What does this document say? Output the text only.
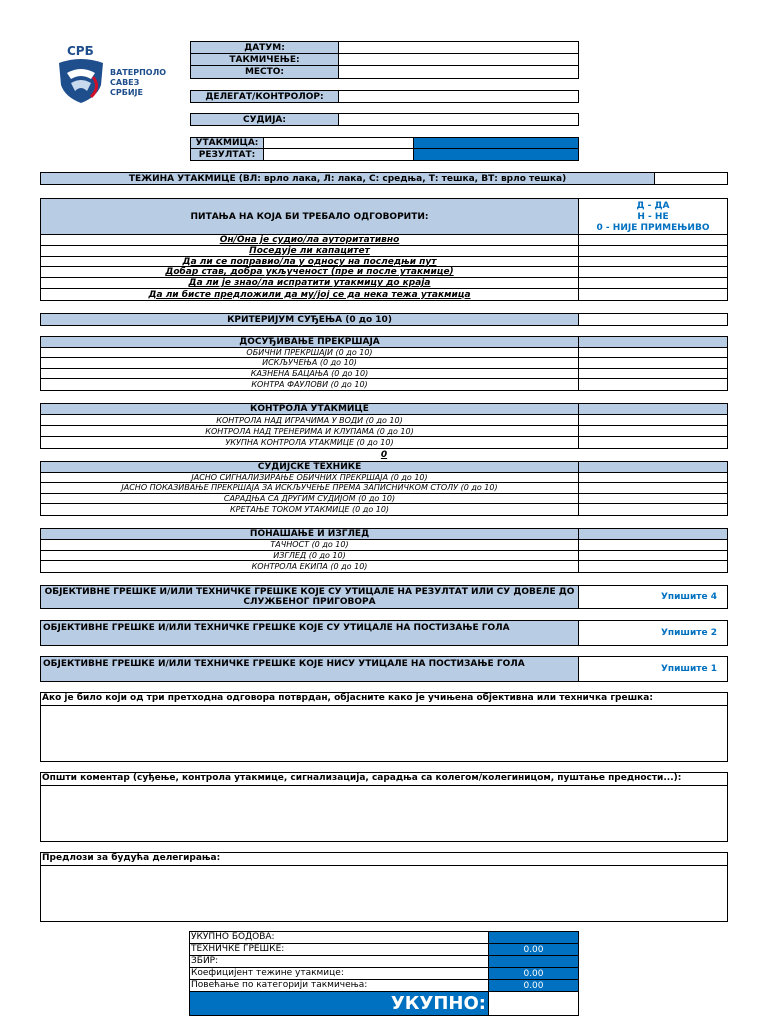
СРБ
ВАТЕРПОЛО
САВЕЗ
СРБИЈЕ
ДАТУМ:
ТАКМИЧЕЊЕ:
МЕСТО:
ДЕЛЕГАТ/КОНТРОЛОР:
СУДИЈА:
УТАКМИЦА:
РЕЗУЛТАТ:
ТЕЖИНА УТАКМИЦЕ (ВЛ: врло лака, Л: лака, С: средња, Т: тешка, ВТ: врло тешка)
ПИТАЊА НА КОЈА БИ ТРЕБАЛО ОДГОВОРИТИ:
Д - ДА
Н - НЕ
0 - НИЈЕ ПРИМЕЊИВО
Он/Она је судио/ла ауторитативно
Поседује ли капацитет
Да ли се поправио/ла у односу на последњи пут
Добар став, добра укљученост (пре и после утакмице)
Да ли је знао/ла испратити утакмицу до краја
Да ли бисте предложили да му/јој се да нека тежа утакмица
КРИТЕРИЈУМ СУЂЕЊА (0 до 10)
ДОСУЂИВАЊЕ ПРЕКРШАЈА
ОБИЧНИ ПРЕКРШАЈИ (0 до 10)
ИСКЉУЧЕЊА (0 до 10)
КАЗНЕНА БАЦАЊА (0 до 10)
КОНТРА ФАУЛОВИ (0 до 10)
КОНТРОЛА УТАКМИЦЕ
КОНТРОЛА НАД ИГРАЧИМА У ВОДИ (0 до 10)
КОНТРОЛА НАД ТРЕНЕРИМА И КЛУПАМА (0 до 10)
УКУПНА КОНТРОЛА УТАКМИЦЕ (0 до 10)
0
СУДИЈСКЕ ТЕХНИКЕ
ЈАСНО СИГНАЛИЗИРАЊЕ ОБИЧНИХ ПРЕКРШАЈА (0 до 10)
ЈАСНО ПОКАЗИВАЊЕ ПРЕКРШАЈА ЗА ИСКЉУЧЕЊЕ ПРЕМА ЗАПИСНИЧКОМ СТОЛУ (0 до 10)
САРАДЊА СА ДРУГИМ СУДИЈОМ (0 до 10)
КРЕТАЊЕ ТОКОМ УТАКМИЦЕ (0 до 10)
ПОНАШАЊЕ И ИЗГЛЕД
ТАЧНОСТ (0 до 10)
ИЗГЛЕД (0 до 10)
КОНТРОЛА ЕКИПА (0 до 10)
ОБЈЕКТИВНЕ ГРЕШКЕ И/ИЛИ ТЕХНИЧКЕ ГРЕШКЕ КОЈЕ СУ УТИЦАЛЕ НА РЕЗУЛТАТ ИЛИ СУ ДОВЕЛЕ ДО СЛУЖБЕНОГ ПРИГОВОРА	Упишите 4
ОБЈЕКТИВНЕ ГРЕШКЕ И/ИЛИ ТЕХНИЧКЕ ГРЕШКЕ КОЈЕ СУ УТИЦАЛЕ НА ПОСТИЗАЊЕ ГОЛА	Упишите 2
ОБЈЕКТИВНЕ ГРЕШКЕ И/ИЛИ ТЕХНИЧКЕ ГРЕШКЕ КОЈЕ НИСУ УТИЦАЛЕ НА ПОСТИЗАЊЕ ГОЛА	Упишите 1
Ако је било који од три претходна одговора потврдан, објасните како је учињена објективна или техничка грешка:
Општи коментар (суђење, контрола утакмице, сигнализација, сарадња са колегом/колегиницом, пуштање предности...):
Предлози за будућа делегирања:
УКУПНО БОДОВА:
ТЕХНИЧКЕ ГРЕШКЕ:	0.00
ЗБИР:
Коефицијент тежине утакмице:	0.00
Повећање по категорији такмичења:	0.00
УКУПНО:
